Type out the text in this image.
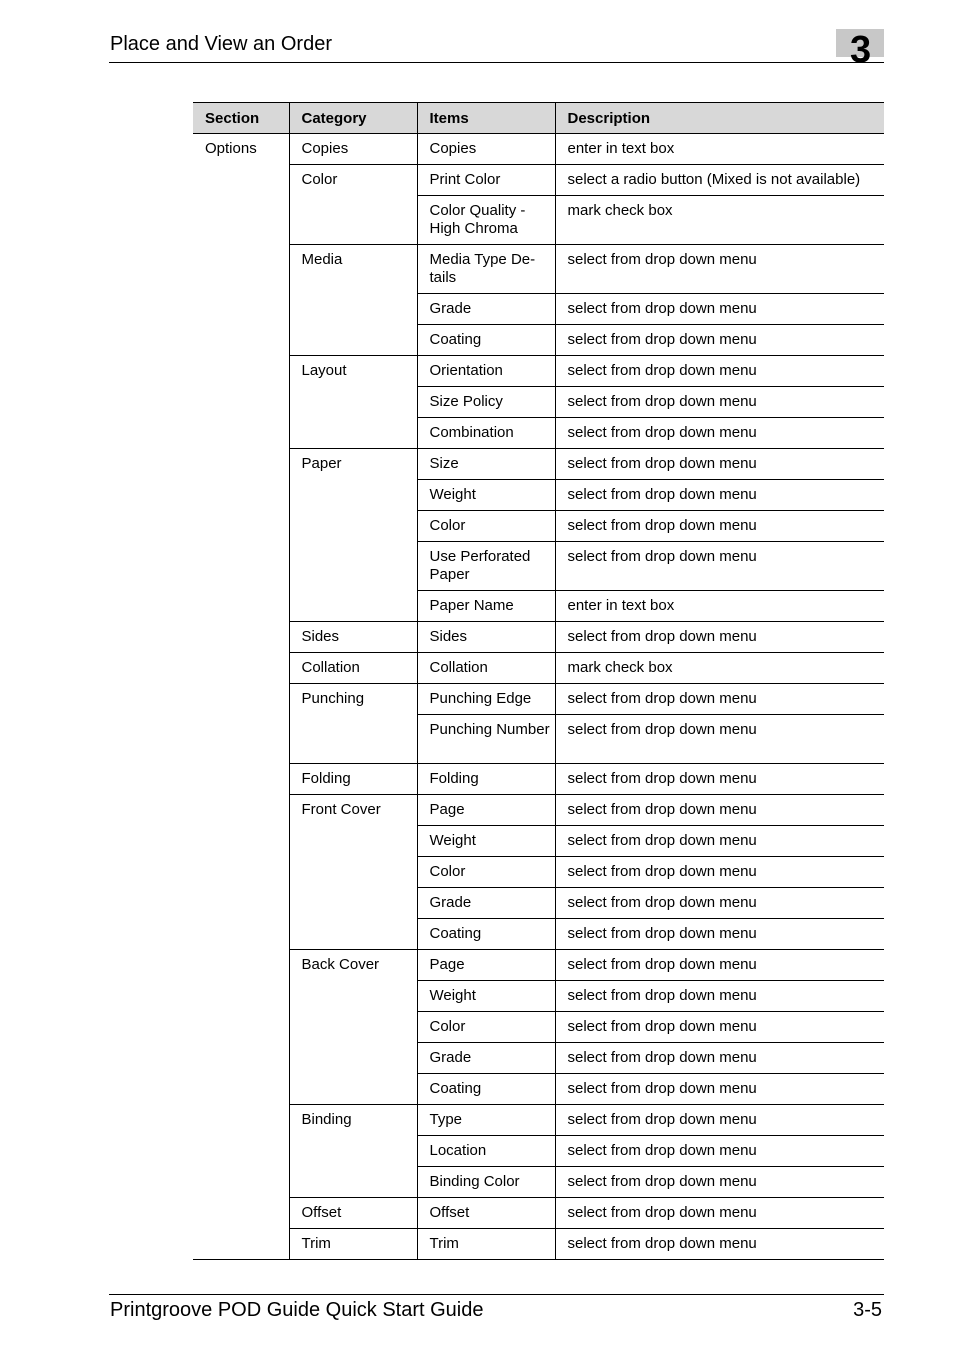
Place and View an Order	3
Section	Category	Items	Description
Options	Copies	Copies	enter in text box
	Color	Print Color	select a radio button (Mixed is not available)
		Color Quality - High Chroma	mark check box
	Media	Media Type De-​tails	select from drop down menu
		Grade	select from drop down menu
		Coating	select from drop down menu
	Layout	Orientation	select from drop down menu
		Size Policy	select from drop down menu
		Combination	select from drop down menu
	Paper	Size	select from drop down menu
		Weight	select from drop down menu
		Color	select from drop down menu
		Use Perforated Paper	select from drop down menu
		Paper Name	enter in text box
	Sides	Sides	select from drop down menu
	Collation	Collation	mark check box
	Punching	Punching Edge	select from drop down menu
		Punching Number	select from drop down menu
	Folding	Folding	select from drop down menu
	Front Cover	Page	select from drop down menu
		Weight	select from drop down menu
		Color	select from drop down menu
		Grade	select from drop down menu
		Coating	select from drop down menu
	Back Cover	Page	select from drop down menu
		Weight	select from drop down menu
		Color	select from drop down menu
		Grade	select from drop down menu
		Coating	select from drop down menu
	Binding	Type	select from drop down menu
		Location	select from drop down menu
		Binding Color	select from drop down menu
	Offset	Offset	select from drop down menu
	Trim	Trim	select from drop down menu
Printgroove POD Guide Quick Start Guide	3-5
